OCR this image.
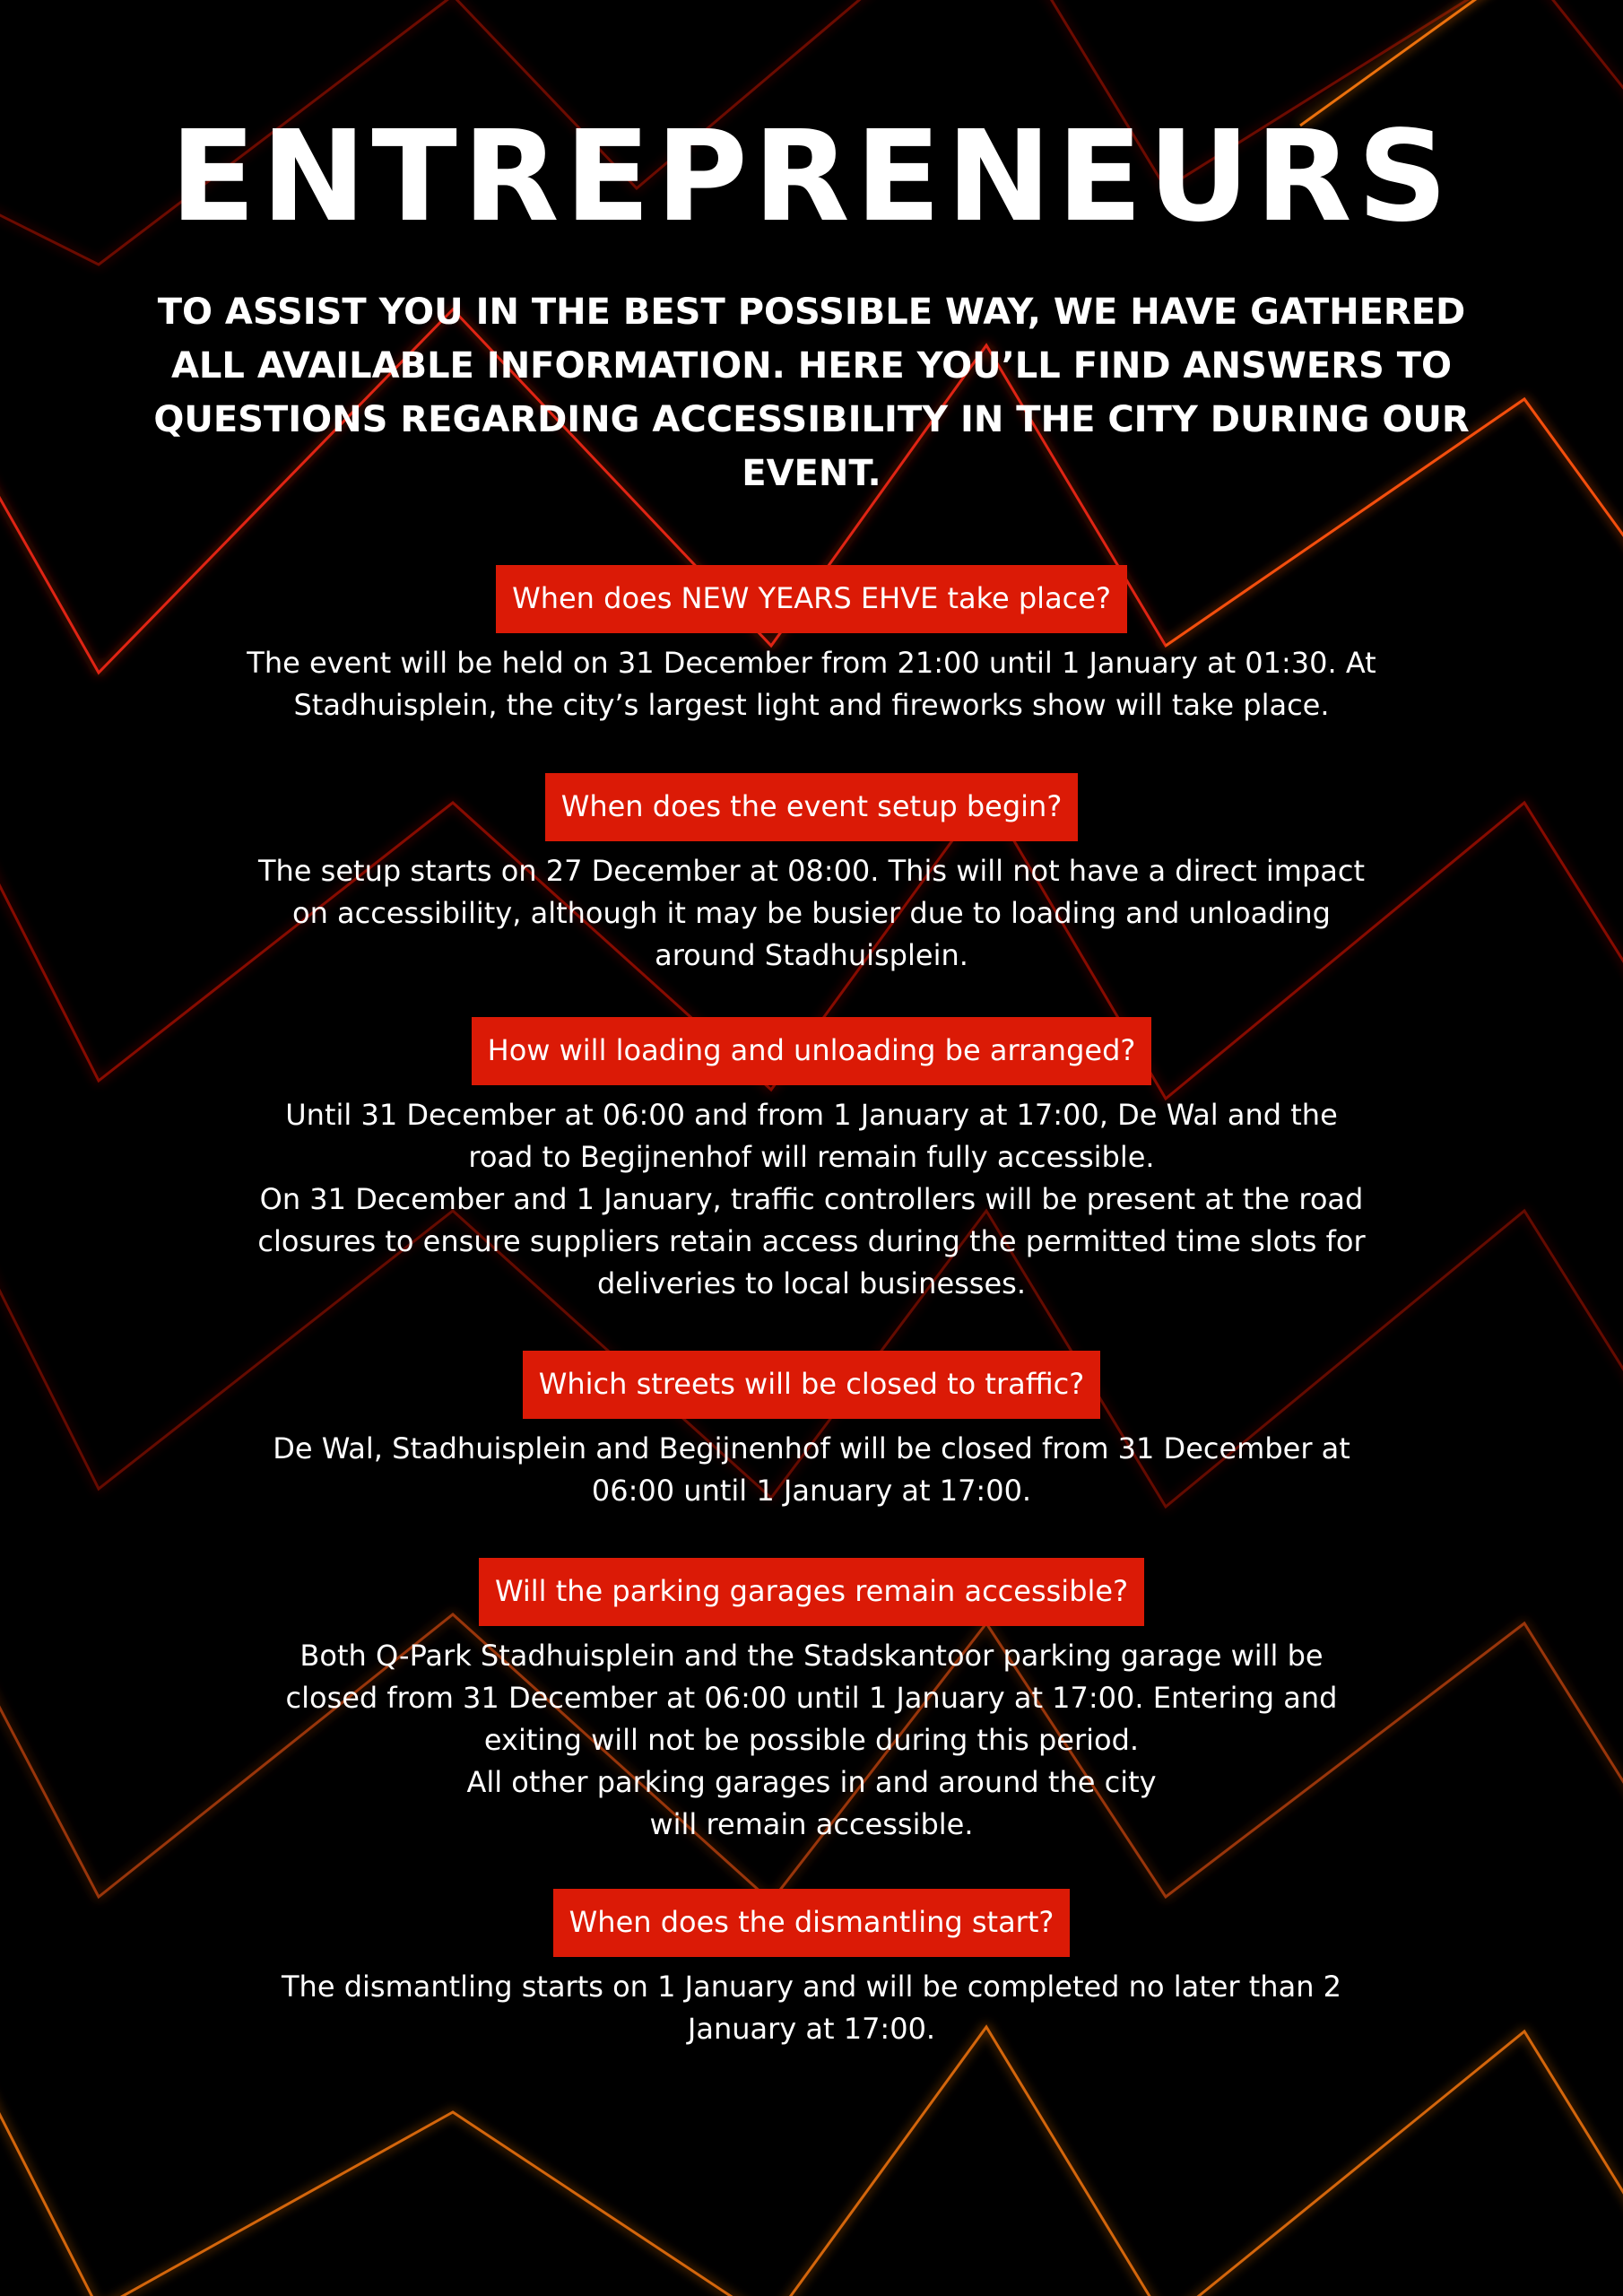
ENTREPRENEURS

TO ASSIST YOU IN THE BEST POSSIBLE WAY, WE HAVE GATHERED ALL AVAILABLE INFORMATION. HERE YOU’LL FIND ANSWERS TO QUESTIONS REGARDING ACCESSIBILITY IN THE CITY DURING OUR EVENT.

When does NEW YEARS EHVE take place?
The event will be held on 31 December from 21:00 until 1 January at 01:30. At
Stadhuisplein, the city’s largest light and fireworks show will take place.
When does the event setup begin?
The setup starts on 27 December at 08:00. This will not have a direct impact
on accessibility, although it may be busier due to loading and unloading
around Stadhuisplein.
How will loading and unloading be arranged?
Until 31 December at 06:00 and from 1 January at 17:00, De Wal and the
road to Begijnenhof will remain fully accessible.
On 31 December and 1 January, traffic controllers will be present at the road
closures to ensure suppliers retain access during the permitted time slots for
deliveries to local businesses.
Which streets will be closed to traffic?
De Wal, Stadhuisplein and Begijnenhof will be closed from 31 December at
06:00 until 1 January at 17:00.
Will the parking garages remain accessible?
Both Q-Park Stadhuisplein and the Stadskantoor parking garage will be
closed from 31 December at 06:00 until 1 January at 17:00. Entering and
exiting will not be possible during this period.
All other parking garages in and around the city
will remain accessible.
When does the dismantling start?
The dismantling starts on 1 January and will be completed no later than 2
January at 17:00.
